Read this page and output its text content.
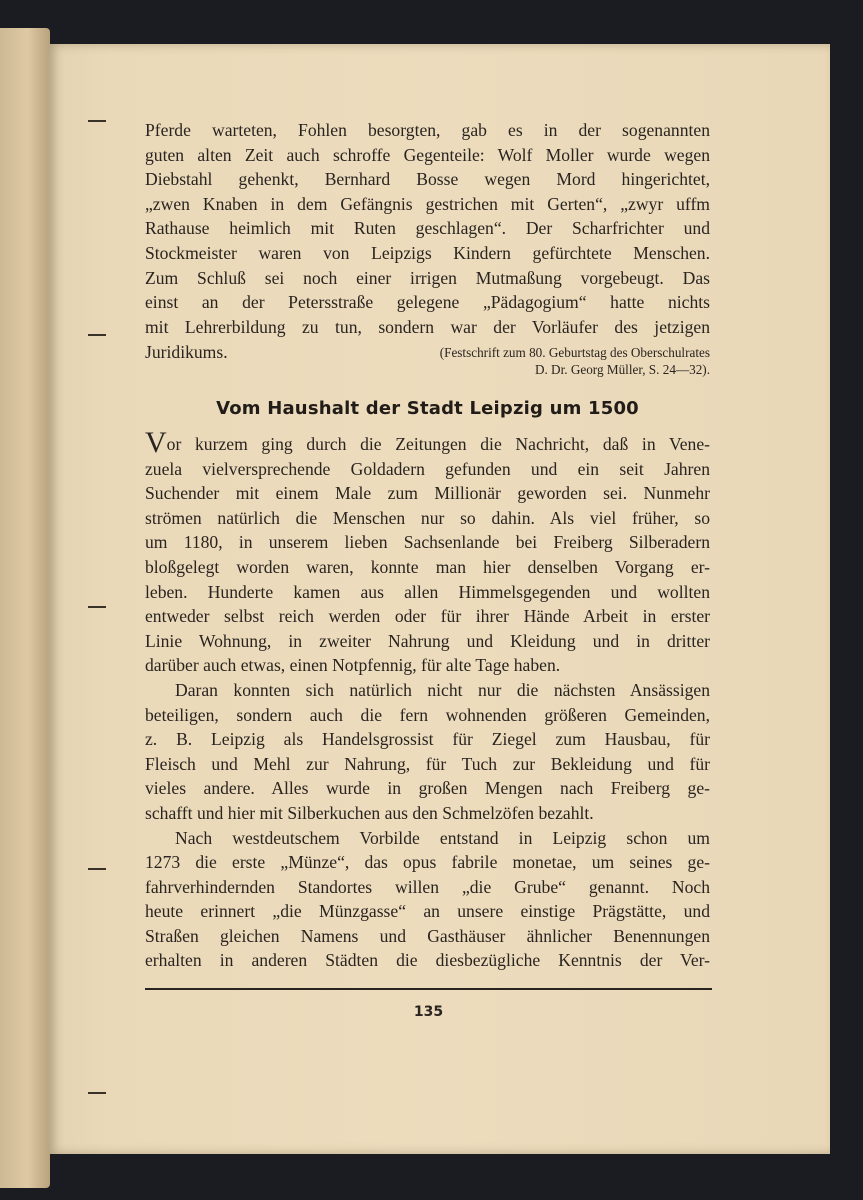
Pferde warteten, Fohlen besorgten, gab es in der sogenannten
guten alten Zeit auch schroffe Gegenteile: Wolf Moller wurde wegen
Diebstahl gehenkt, Bernhard Bosse wegen Mord hingerichtet,
„zwen Knaben in dem Gefängnis gestrichen mit Gerten“, „zwyr uffm
Rathause heimlich mit Ruten geschlagen“. Der Scharfrichter und
Stockmeister waren von Leipzigs Kindern gefürchtete Menschen.
Zum Schluß sei noch einer irrigen Mutmaßung vorgebeugt. Das
einst an der Petersstraße gelegene „Pädagogium“ hatte nichts
mit Lehrerbildung zu tun, sondern war der Vorläufer des jetzigen
Juridikums.	(Festschrift zum 80. Geburtstag des Oberschulrates
D. Dr. Georg Müller, S. 24—32).
Vom Haushalt der Stadt Leipzig um 1500
Vor kurzem ging durch die Zeitungen die Nachricht, daß in Vene-
zuela vielversprechende Goldadern gefunden und ein seit Jahren
Suchender mit einem Male zum Millionär geworden sei. Nunmehr
strömen natürlich die Menschen nur so dahin. Als viel früher, so
um 1180, in unserem lieben Sachsenlande bei Freiberg Silberadern
bloßgelegt worden waren, konnte man hier denselben Vorgang er-
leben. Hunderte kamen aus allen Himmelsgegenden und wollten
entweder selbst reich werden oder für ihrer Hände Arbeit in erster
Linie Wohnung, in zweiter Nahrung und Kleidung und in dritter
darüber auch etwas, einen Notpfennig, für alte Tage haben.
Daran konnten sich natürlich nicht nur die nächsten Ansässigen
beteiligen, sondern auch die fern wohnenden größeren Gemeinden,
z. B. Leipzig als Handelsgrossist für Ziegel zum Hausbau, für
Fleisch und Mehl zur Nahrung, für Tuch zur Bekleidung und für
vieles andere. Alles wurde in großen Mengen nach Freiberg ge-
schafft und hier mit Silberkuchen aus den Schmelzöfen bezahlt.
Nach westdeutschem Vorbilde entstand in Leipzig schon um
1273 die erste „Münze“, das opus fabrile monetae, um seines ge-
fahrverhindernden Standortes willen „die Grube“ genannt. Noch
heute erinnert „die Münzgasse“ an unsere einstige Prägstätte, und
Straßen gleichen Namens und Gasthäuser ähnlicher Benennungen
erhalten in anderen Städten die diesbezügliche Kenntnis der Ver-
135
